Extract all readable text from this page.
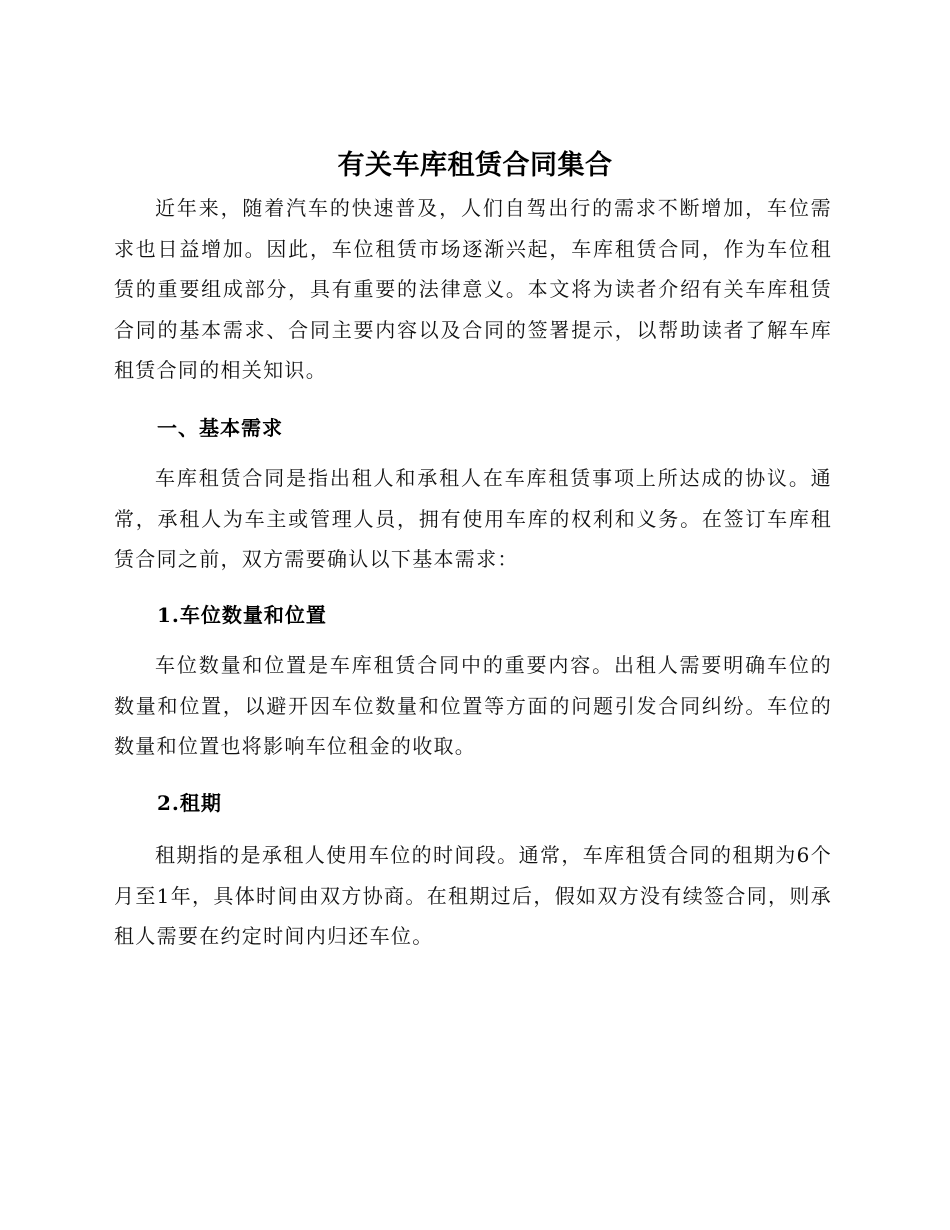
有关车库租赁合同集合

近年来，随着汽车的快速普及，人们自驾出行的需求不断增加，车位需求也日益增加。因此，车位租赁市场逐渐兴起，车库租赁合同，作为车位租赁的重要组成部分，具有重要的法律意义。本文将为读者介绍有关车库租赁合同的基本需求、合同主要内容以及合同的签署提示，以帮助读者了解车库租赁合同的相关知识。

一、基本需求

车库租赁合同是指出租人和承租人在车库租赁事项上所达成的协议。通常，承租人为车主或管理人员，拥有使用车库的权利和义务。在签订车库租赁合同之前，双方需要确认以下基本需求：

1.车位数量和位置

车位数量和位置是车库租赁合同中的重要内容。出租人需要明确车位的数量和位置，以避开因车位数量和位置等方面的问题引发合同纠纷。车位的数量和位置也将影响车位租金的收取。

2.租期

租期指的是承租人使用车位的时间段。通常，车库租赁合同的租期为6个月至1年，具体时间由双方协商。在租期过后，假如双方没有续签合同，则承租人需要在约定时间内归还车位。
